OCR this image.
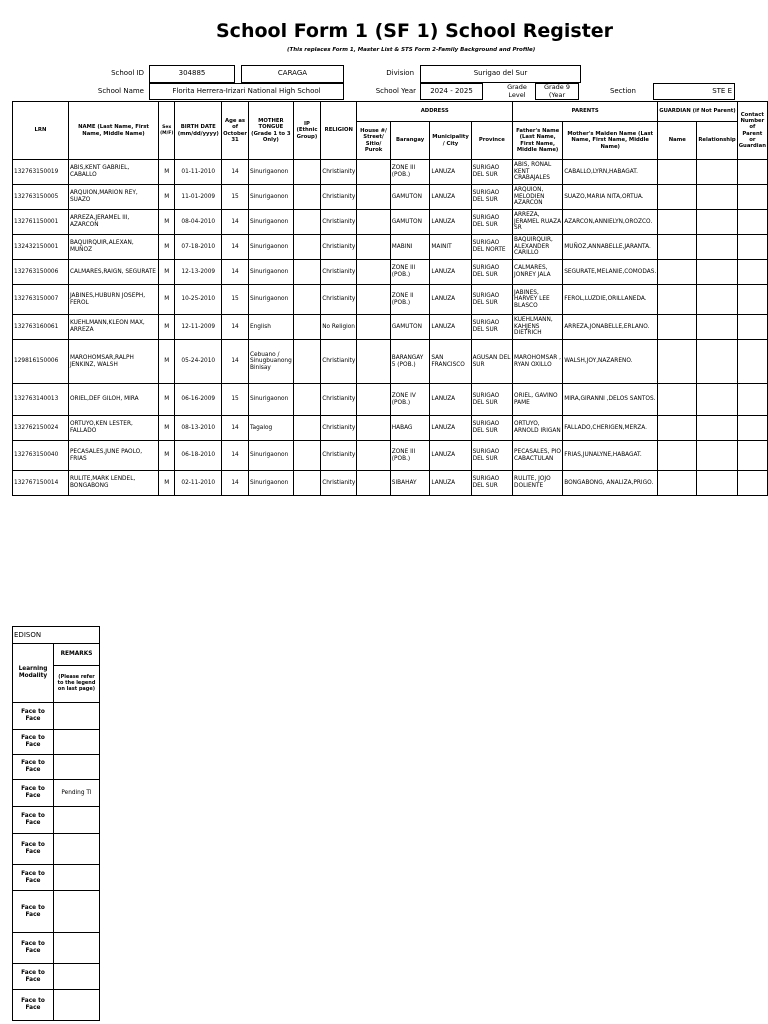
School Form 1 (SF 1) School Register
(This replaces Form 1, Master List & STS Form 2-Family Background and Profile)
School ID	304885	CARAGA	Division	Surigao del Sur
School Name	Florita Herrera-Irizari National High School	School Year	2024 - 2025	Grade Level
Grade 9 (Year	Section	STE E
LRN	NAME (Last Name, First Name, Middle Name)	Sex (M/F)	BIRTH DATE (mm/dd/yyyy)	Age as of October 31	MOTHER TONGUE (Grade 1 to 3 Only)	IP (Ethnic Group)	RELIGION	ADDRESS				PARENTS		GUARDIAN (if Not Parent)		Contact Number of Parent or Guardian
								House #/ Street/ Sitio/ Purok	Barangay	Municipality / City	Province	Father's Name (Last Name, First Name, Middle Name)	Mother's Maiden Name (Last Name, First Name, Middle Name)	Name	Relationship	
132763150019	ABIS,KENT GABRIEL, CABALLO	M	01-11-2010	14	Sinurigaonon		Christianity		ZONE III (POB.)	LANUZA	SURIGAO DEL SUR	ABIS, RONAL KENT CRABAJALES	CABALLO,LYRN,HABAGAT.			
132763150005	ARQUION,MARION REY, SUAZO	M	11-01-2009	15	Sinurigaonon		Christianity		GAMUTON	LANUZA	SURIGAO DEL SUR	ARQUION, MELODIEN AZARCON	SUAZO,MARIA NITA,ORTUA.			
132761150001	ARREZA,JERAMEL III, AZARCON	M	08-04-2010	14	Sinurigaonon		Christianity		GAMUTON	LANUZA	SURIGAO DEL SUR	ARREZA, JERAMEL RUAZA SR	AZARCON,ANNIELYN,OROZCO.			
132432150001	BAQUIRQUIR,ALEXAN, MUÑOZ	M	07-18-2010	14	Sinurigaonon		Christianity		MABINI	MAINIT	SURIGAO DEL NORTE	BAQUIRQUIR, ALEXANDER CARILLO	MUÑOZ,ANNABELLE,JARANTA.			
132763150006	CALMARES,RAIGN, SEGURATE	M	12-13-2009	14	Sinurigaonon		Christianity		ZONE III (POB.)	LANUZA	SURIGAO DEL SUR	CALMARES, JONREY JALA	SEGURATE,MELANIE,COMODAS.			
132763150007	JABINES,HUBURN JOSEPH, FEROL	M	10-25-2010	15	Sinurigaonon		Christianity		ZONE II (POB.)	LANUZA	SURIGAO DEL SUR	JABINES, HARVEY LEE BLASCO	FEROL,LUZDIE,ORILLANEDA.			
132763160061	KUEHLMANN,KLEON MAX, ARREZA	M	12-11-2009	14	English		No Religion		GAMUTON	LANUZA	SURIGAO DEL SUR	KUEHLMANN, KAHJENS DIETRICH	ARREZA,JONABELLE,ERLANO.			
129816150006	MAROHOMSAR,RALPH JENKINZ, WALSH	M	05-24-2010	14	Cebuano / Sinugbuanong Binisay		Christianity		BARANGAY 5 (POB.)	SAN FRANCISCO	AGUSAN DEL SUR	MAROHOMSAR , RYAN OXILLO	WALSH,JOY,NAZARENO.			
132763140013	ORIEL,DEF GILOH, MIRA	M	06-16-2009	15	Sinurigaonon		Christianity		ZONE IV (POB.)	LANUZA	SURIGAO DEL SUR	ORIEL, GAVINO PAME	MIRA,GIRANNI ,DELOS SANTOS.			
132762150024	ORTUYO,KEN LESTER, FALLADO	M	08-13-2010	14	Tagalog		Christianity		HABAG	LANUZA	SURIGAO DEL SUR	ORTUYO, ARNOLD IRIGAN	FALLADO,CHERIGEN,MERZA.			
132763150040	PECASALES,JUNE PAOLO, FRIAS	M	06-18-2010	14	Sinurigaonon		Christianity		ZONE III (POB.)	LANUZA	SURIGAO DEL SUR	PECASALES, PIO CABACTULAN	FRIAS,JUNALYNE,HABAGAT.			
132767150014	RULITE,MARK LENDEL, BONGABONG	M	02-11-2010	14	Sinurigaonon		Christianity		SIBAHAY	LANUZA	SURIGAO DEL SUR	RULITE, JOJO DOLIENTE	BONGABONG, ANALIZA,PRIGO.			
EDISON
Learning Modality	REMARKS
	(Please refer to the legend on last page)
Face to Face	
Face to Face	
Face to Face	
Face to Face	Pending TI
Face to Face	
Face to Face	
Face to Face	
Face to Face	
Face to Face	
Face to Face	
Face to Face	
